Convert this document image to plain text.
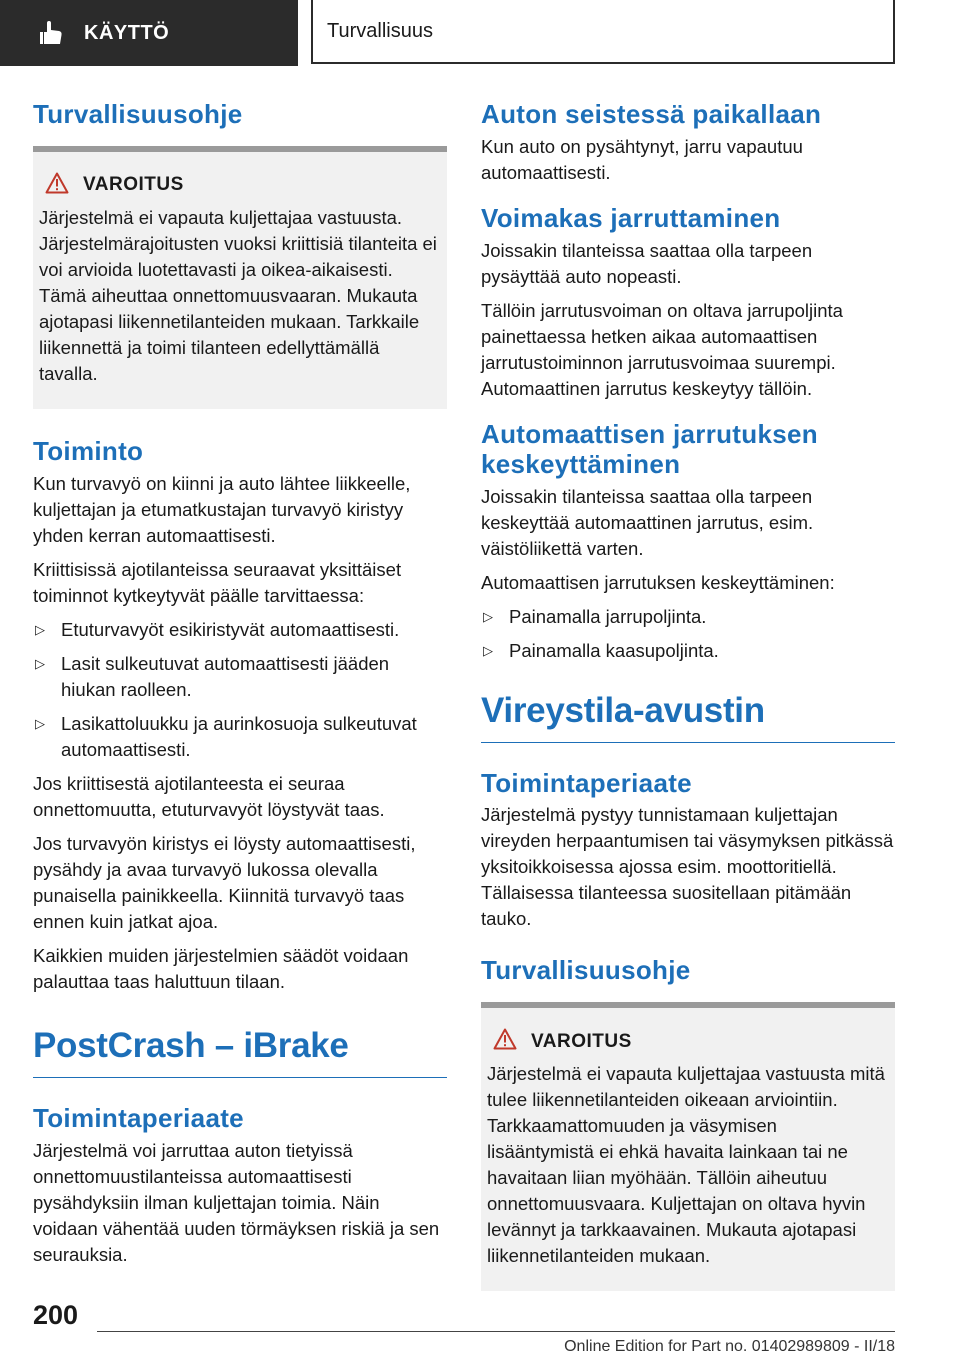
KÄYTTÖ	Turvallisuus
Turvallisuusohje
VAROITUS

Järjestelmä ei vapauta kuljettajaa vastuusta. Järjestelmärajoitusten vuoksi kriittisiä tilanteita ei voi arvioida luotettavasti ja oikea-aikaisesti. Tämä aiheuttaa onnettomuusvaaran. Mukauta ajotapasi liikennetilanteiden mukaan. Tarkkaile liikennettä ja toimi tilanteen edellyttämällä tavalla.

Toiminto

Kun turvavyö on kiinni ja auto lähtee liikkeelle, kuljettajan ja etumatkustajan turvavyö kiristyy yhden kerran automaattisesti.

Kriittisissä ajotilanteissa seuraavat yksittäiset toiminnot kytkeytyvät päälle tarvittaessa:

▷ Etuturvavyöt esikiristyvät automaattisesti.
▷ Lasit sulkeutuvat automaattisesti jääden hiukan raolleen.
▷ Lasikattoluukku ja aurinkosuoja sulkeutuvat automaattisesti.

Jos kriittisestä ajotilanteesta ei seuraa onnettomuutta, etuturvavyöt löystyvät taas.

Jos turvavyön kiristys ei löysty automaattisesti, pysähdy ja avaa turvavyö lukossa olevalla punaisella painikkeella. Kiinnitä turvavyö taas ennen kuin jatkat ajoa.

Kaikkien muiden järjestelmien säädöt voidaan palauttaa taas haluttuun tilaan.

PostCrash – iBrake
Toimintaperiaate

Järjestelmä voi jarruttaa auton tietyissä onnettomuustilanteissa automaattisesti pysähdyksiin ilman kuljettajan toimia. Näin voidaan vähentää uuden törmäyksen riskiä ja sen seurauksia.

Auton seistessä paikallaan

Kun auto on pysähtynyt, jarru vapautuu automaattisesti.

Voimakas jarruttaminen

Joissakin tilanteissa saattaa olla tarpeen pysäyttää auto nopeasti.

Tällöin jarrutusvoiman on oltava jarrupoljinta painettaessa hetken aikaa automaattisen jarrutustoiminnon jarrutusvoimaa suurempi. Automaattinen jarrutus keskeytyy tällöin.

Automaattisen jarrutuksen keskeyttäminen

Joissakin tilanteissa saattaa olla tarpeen keskeyttää automaattinen jarrutus, esim. väistöliikettä varten.

Automaattisen jarrutuksen keskeyttäminen:

▷ Painamalla jarrupoljinta.
▷ Painamalla kaasupoljinta.
Vireystila-avustin
Toimintaperiaate

Järjestelmä pystyy tunnistamaan kuljettajan vireyden herpaantumisen tai väsymyksen pitkässä yksitoikkoisessa ajossa esim. moottoritiellä. Tällaisessa tilanteessa suositellaan pitämään tauko.

Turvallisuusohje
VAROITUS

Järjestelmä ei vapauta kuljettajaa vastuusta mitä tulee liikennetilanteiden oikeaan arviointiin. Tarkkaamattomuuden ja väsymisen lisääntymistä ei ehkä havaita lainkaan tai ne havaitaan liian myöhään. Tällöin aiheutuu onnettomuusvaara. Kuljettajan on oltava hyvin levännyt ja tarkkaavainen. Mukauta ajotapasi liikennetilanteiden mukaan.

200
Online Edition for Part no. 01402989809 - II/18
